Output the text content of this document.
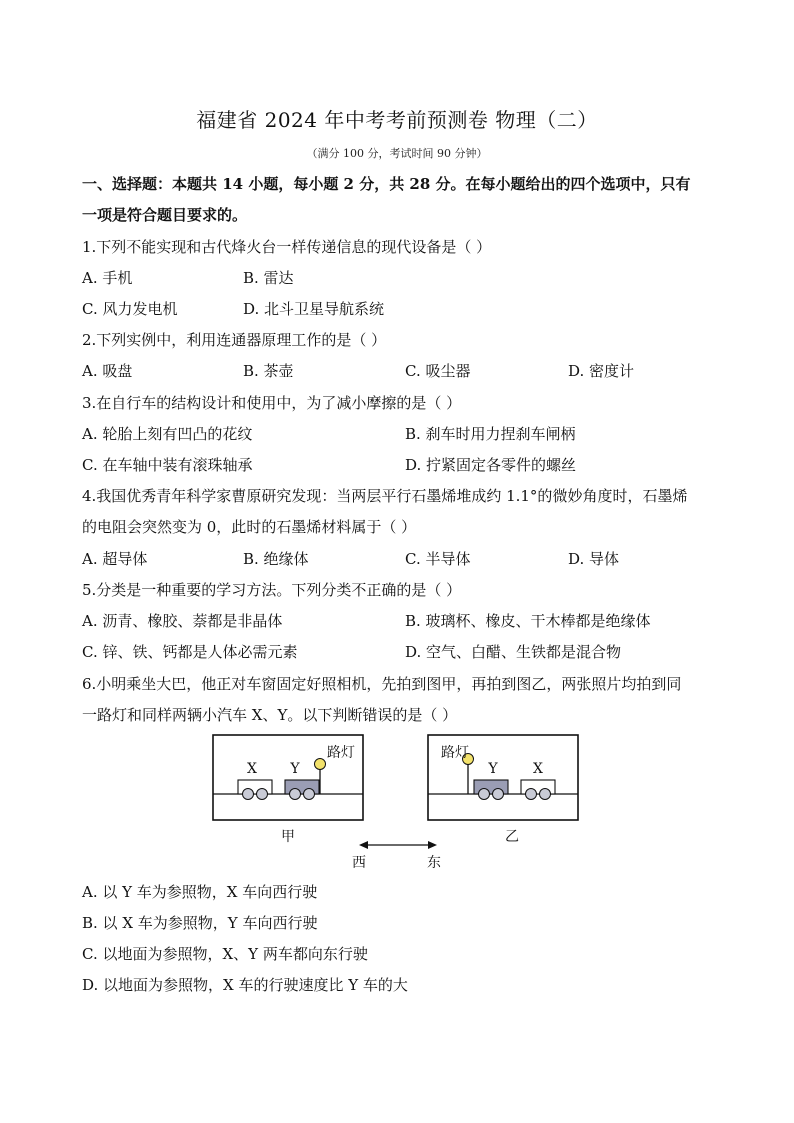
福建省 2024 年中考考前预测卷 物理（二）
（满分 100 分，考试时间 90 分钟）
一、选择题：本题共 14 小题，每小题 2 分，共 28 分。在每小题给出的四个选项中，只有
一项是符合题目要求的。
1.下列不能实现和古代烽火台一样传递信息的现代设备是（ ）
A. 手机	B. 雷达
C. 风力发电机	D. 北斗卫星导航系统
2.下列实例中，利用连通器原理工作的是（ ）
A. 吸盘	B. 茶壶	C. 吸尘器	D. 密度计
3.在自行车的结构设计和使用中，为了减小摩擦的是（ ）
A. 轮胎上刻有凹凸的花纹	B. 刹车时用力捏刹车闸柄
C. 在车轴中装有滚珠轴承	D. 拧紧固定各零件的螺丝
4.我国优秀青年科学家曹原研究发现：当两层平行石墨烯堆成约 1.1°的微妙角度时，石墨烯
的电阻会突然变为 0，此时的石墨烯材料属于（ ）
A. 超导体	B. 绝缘体	C. 半导体	D. 导体
5.分类是一种重要的学习方法。下列分类不正确的是（ ）
A. 沥青、橡胶、萘都是非晶体	B. 玻璃杯、橡皮、干木棒都是绝缘体
C. 锌、铁、钙都是人体必需元素	D. 空气、白醋、生铁都是混合物
6.小明乘坐大巴，他正对车窗固定好照相机，先拍到图甲，再拍到图乙，两张照片均拍到同
一路灯和同样两辆小汽车 X、Y。以下判断错误的是（ ）
X Y
路灯
甲
路灯
Y	X
乙
西	东
A. 以 Y 车为参照物，X 车向西行驶
B. 以 X 车为参照物，Y 车向西行驶
C. 以地面为参照物，X、Y 两车都向东行驶
D. 以地面为参照物，X 车的行驶速度比 Y 车的大
